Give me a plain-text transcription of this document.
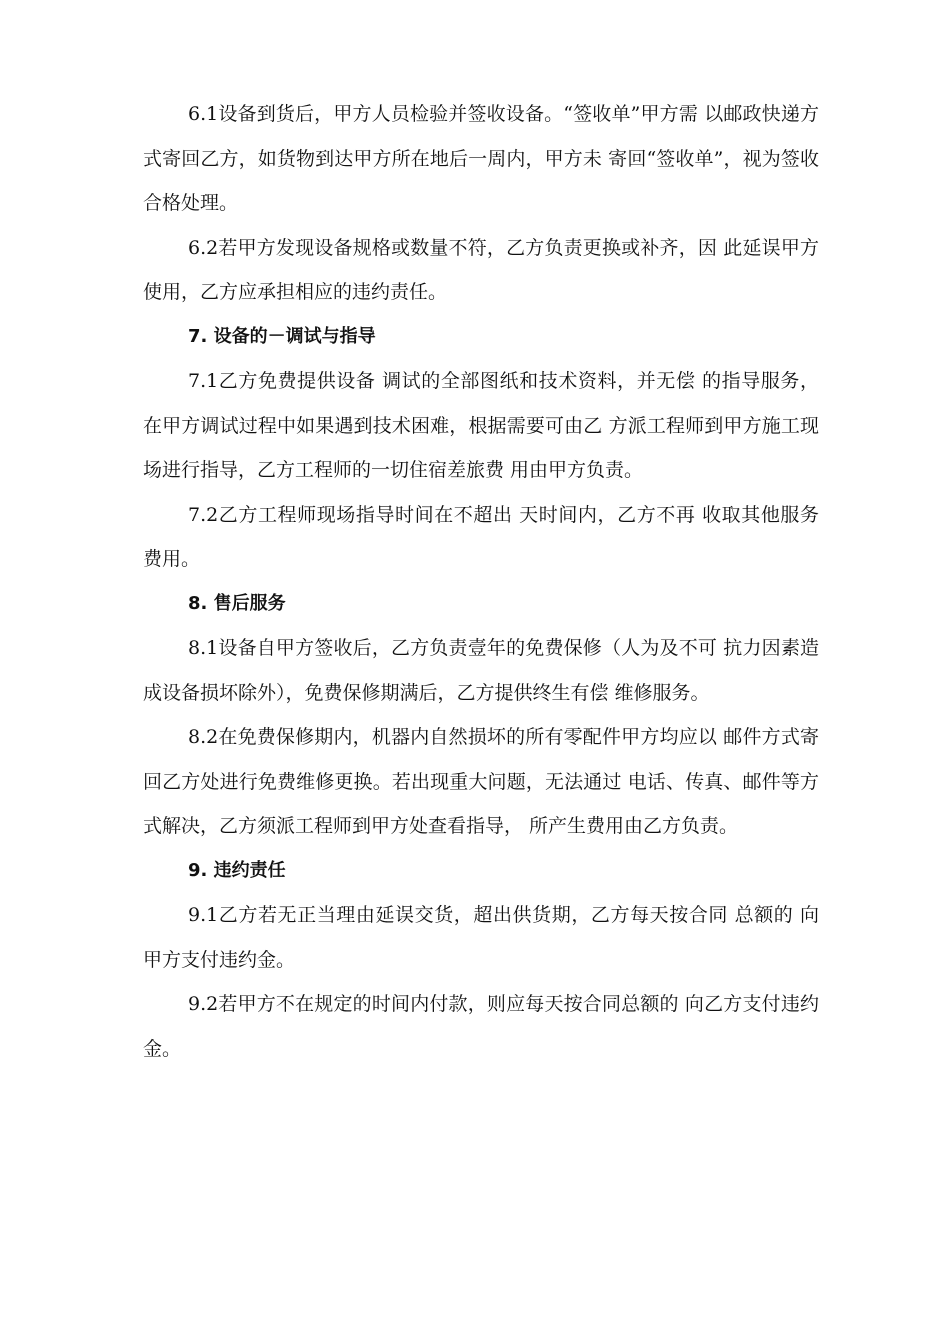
6.1设备到货后，甲方人员检验并签收设备。“签收单”甲方需 以邮政快递方式寄回乙方，如货物到达甲方所在地后一周内，甲方未 寄回“签收单”，视为签收合格处理。

6.2若甲方发现设备规格或数量不符，乙方负责更换或补齐，因 此延误甲方使用，乙方应承担相应的违约责任。

7. 设备的－调试与指导

7.1乙方免费提供设备 调试的全部图纸和技术资料，并无偿 的指导服务，在甲方调试过程中如果遇到技术困难，根据需要可由乙 方派工程师到甲方施工现场进行指导，乙方工程师的一切住宿差旅费 用由甲方负责。

7.2乙方工程师现场指导时间在不超出 天时间内，乙方不再 收取其他服务费用。

8. 售后服务

8.1设备自甲方签收后，乙方负责壹年的免费保修（人为及不可 抗力因素造成设备损坏除外），免费保修期满后，乙方提供终生有偿 维修服务。

8.2在免费保修期内，机器内自然损坏的所有零配件甲方均应以 邮件方式寄回乙方处进行免费维修更换。若出现重大问题，无法通过 电话、传真、邮件等方式解决，乙方须派工程师到甲方处查看指导， 所产生费用由乙方负责。

9. 违约责任

9.1乙方若无正当理由延误交货，超出供货期，乙方每天按合同 总额的 向甲方支付违约金。

9.2若甲方不在规定的时间内付款，则应每天按合同总额的 向乙方支付违约金。
